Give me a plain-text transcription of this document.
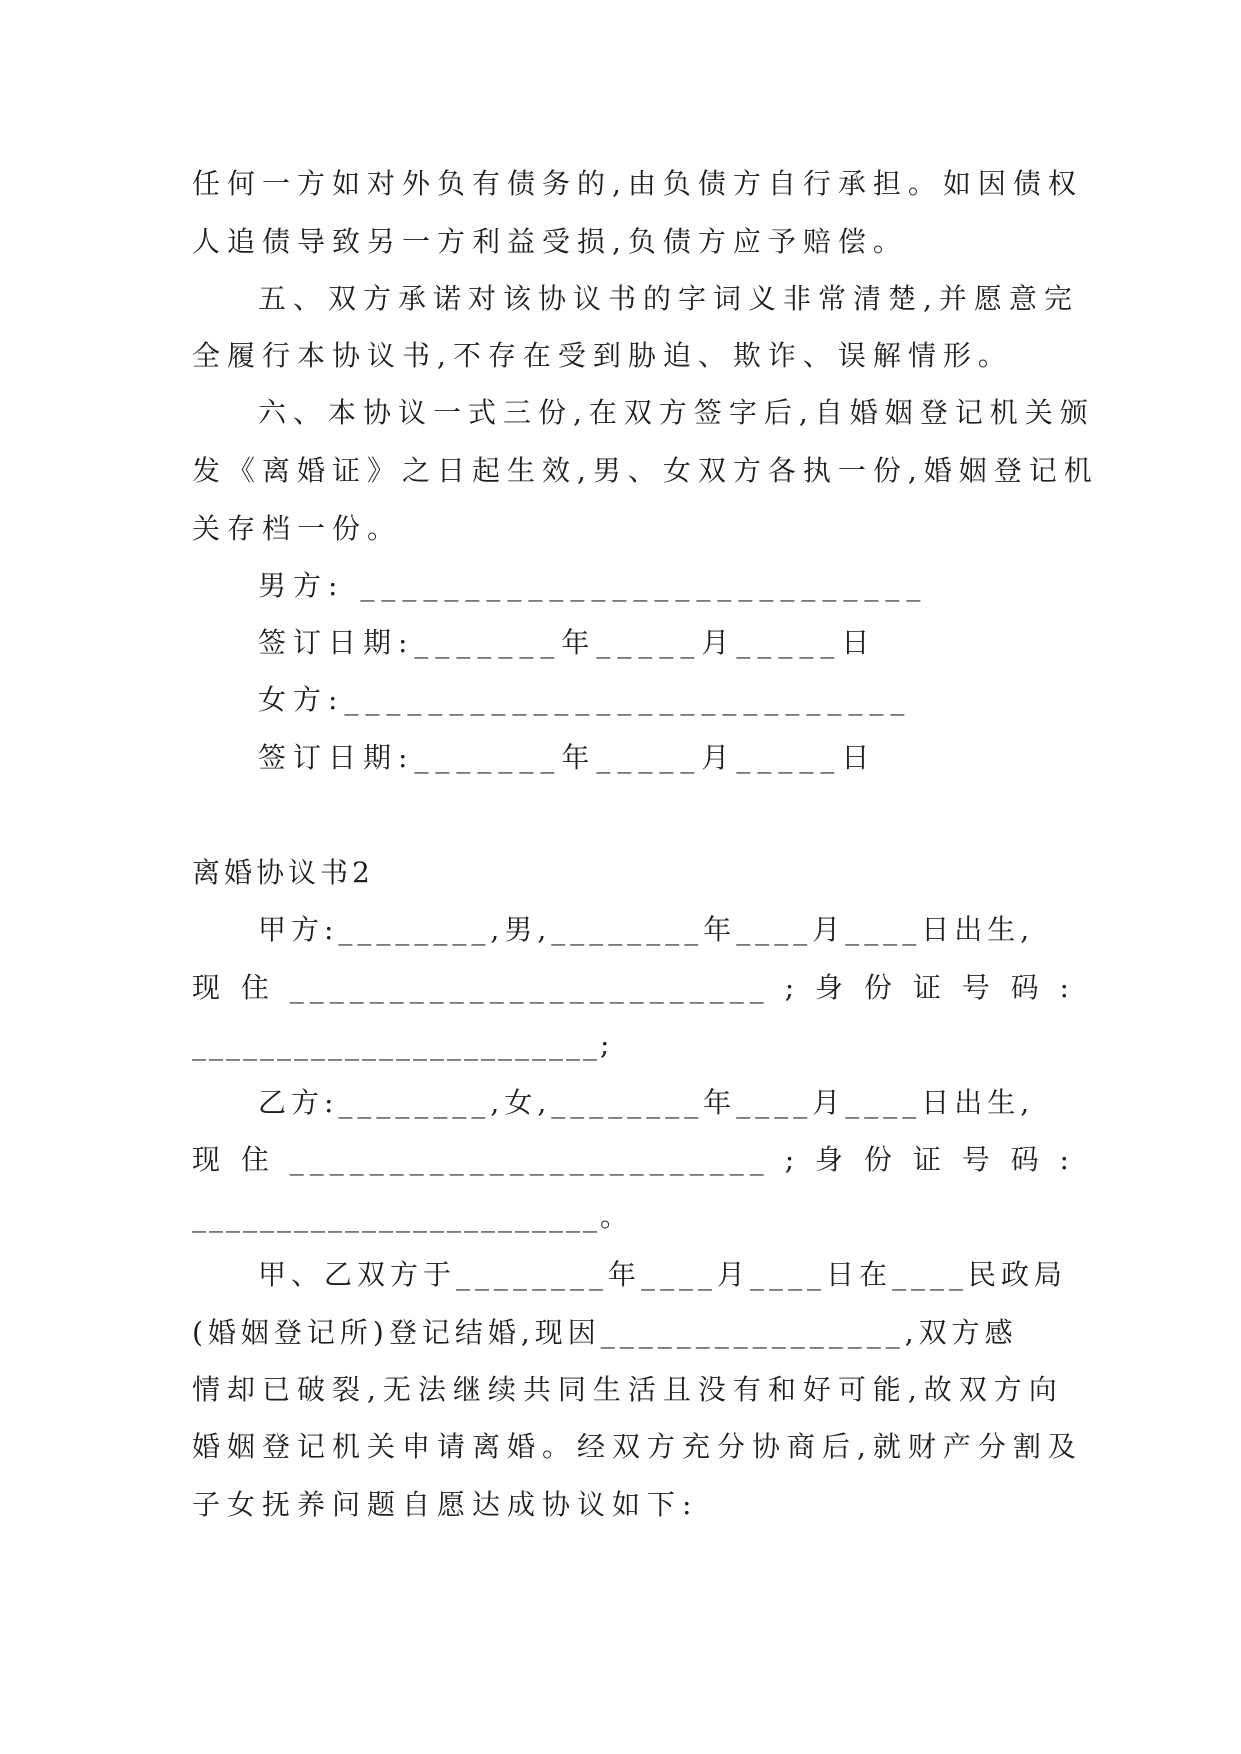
任何一方如对外负有债务的,由负债方自行承担。如因债权
人追债导致另一方利益受损,负债方应予赔偿。
五、双方承诺对该协议书的字词义非常清楚,并愿意完
全履行本协议书,不存在受到胁迫、欺诈、误解情形。
六、本协议一式三份,在双方签字后,自婚姻登记机关颁
发《离婚证》之日起生效,男、女双方各执一份,婚姻登记机
关存档一份。
男方: ___________________________
签订日期:_______年_____月_____日
女方:___________________________
签订日期:_______年_____月_____日
离婚协议书2
甲方:________,男,________年____月____日出生,
现 住 ________________________ ; 身 份 证 号 码 :
________________________;
乙方:________,女,________年____月____日出生,
现 住 ________________________ ; 身 份 证 号 码 :
________________________。
甲、乙双方于________年____月____日在____民政局
(婚姻登记所)登记结婚,现因________________,双方感
情却已破裂,无法继续共同生活且没有和好可能,故双方向
婚姻登记机关申请离婚。经双方充分协商后,就财产分割及
子女抚养问题自愿达成协议如下:
